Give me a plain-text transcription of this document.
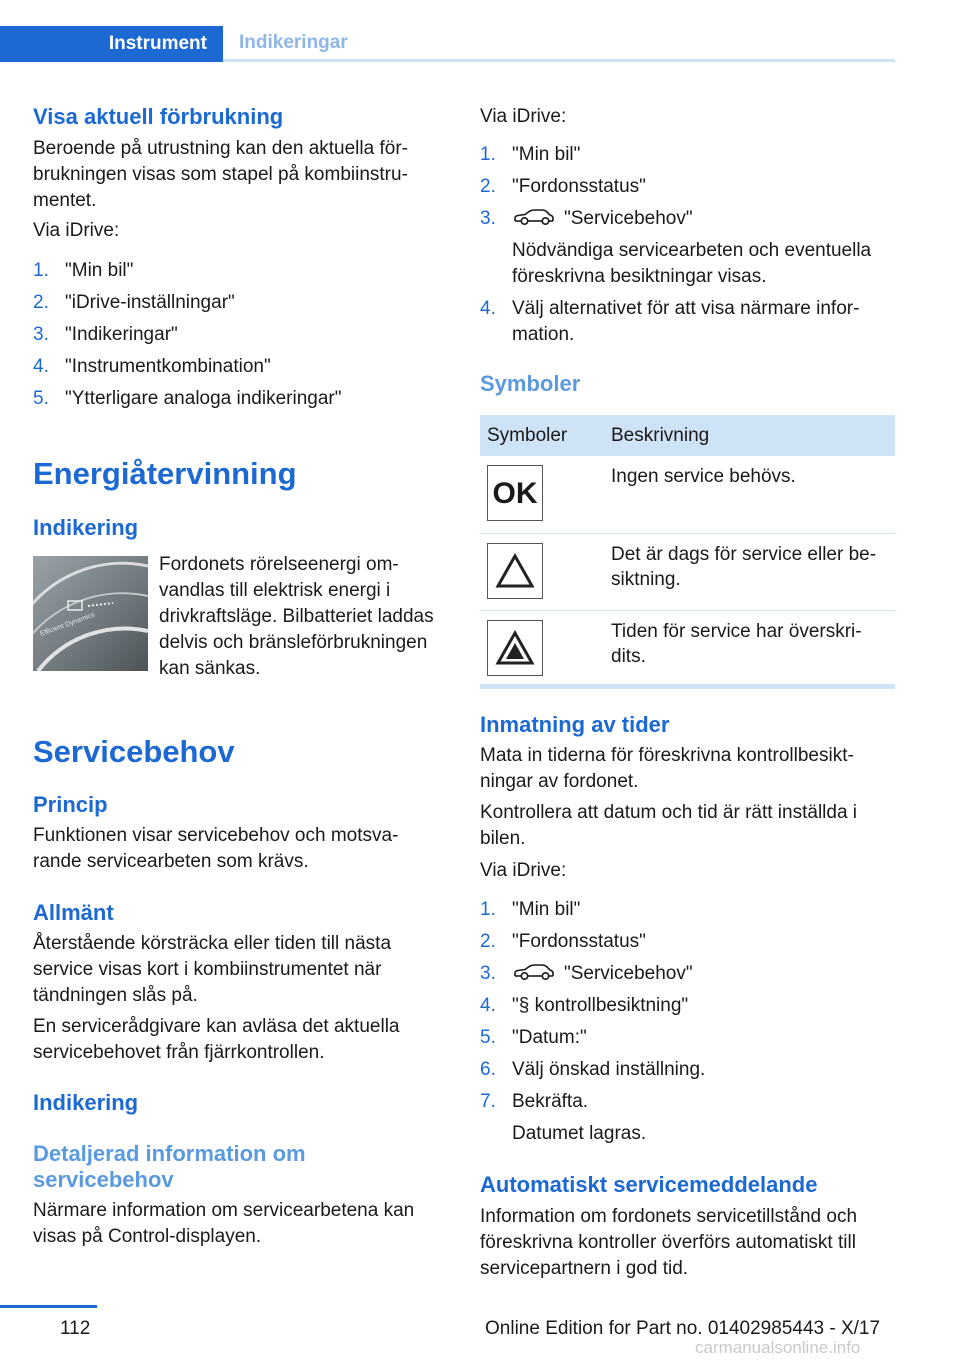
Instrument	Indikeringar
Visa aktuell förbrukning

Beroende på utrustning kan den aktuella förbrukningen visas som stapel på kombiinstrumentet.

Via iDrive:

1. "Min bil"
2. "iDrive-inställningar"
3. "Indikeringar"
4. "Instrumentkombination"
5. "Ytterligare analoga indikeringar"
Energiåtervinning
Indikering
Efficient Dynamics

Fordonets rörelseenergi omvandlas till elektrisk energi i drivkraftsläge. Bilbatteriet laddas delvis och bränsleförbrukningen kan sänkas.

Servicebehov
Princip

Funktionen visar servicebehov och motsvarande servicearbeten som krävs.

Allmänt

Återstående körsträcka eller tiden till nästa service visas kort i kombiinstrumentet när tändningen slås på.

En servicerådgivare kan avläsa det aktuella servicebehovet från fjärrkontrollen.

Indikering
Detaljerad information om servicebehov

Närmare information om servicearbetena kan visas på Control-displayen.

Via iDrive:

1. "Min bil"
2. "Fordonsstatus"
3.	"Servicebehov"
Nödvändiga servicearbeten och eventuella föreskrivna besiktningar visas.
4. Välj alternativet för att visa närmare information.
Symboler
Symboler	Beskrivning

OK	Ingen service behövs.

	Det är dags för service eller besiktning.

	Tiden för service har överskridits.
Inmatning av tider

Mata in tiderna för föreskrivna kontrollbesiktningar av fordonet.

Kontrollera att datum och tid är rätt inställda i bilen.

Via iDrive:

1. "Min bil"
2. "Fordonsstatus"
3.	"Servicebehov"
4. "§ kontrollbesiktning"
5. "Datum:"
6. Välj önskad inställning.
7. Bekräfta.
Datumet lagras.
Automatiskt servicemeddelande

Information om fordonets servicetillstånd och föreskrivna kontroller överförs automatiskt till servicepartnern i god tid.

112	Online Edition for Part no. 01402985443 - X/17
carmanualsonline.info
